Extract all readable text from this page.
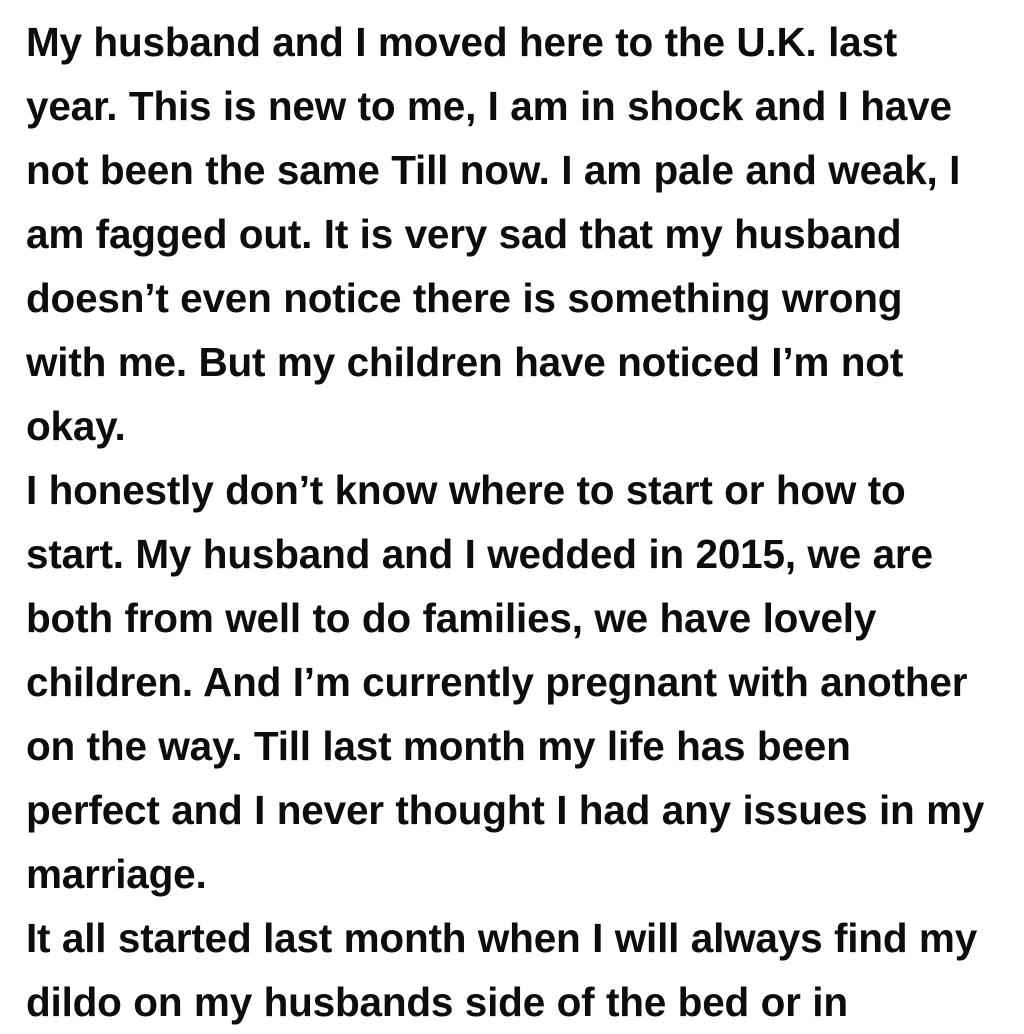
My husband and I moved here to the U.K. last year. This is new to me, I am in shock and I have not been the same Till now. I am pale and weak, I am fagged out. It is very sad that my husband doesn’t even notice there is something wrong with me. But my children have noticed I’m not okay.

I honestly don’t know where to start or how to start. My husband and I wedded in 2015, we are both from well to do families, we have lovely children. And I’m currently pregnant with another on the way. Till last month my life has been perfect and I never thought I had any issues in my marriage.

It all started last month when I will always find my dildo on my husbands side of the bed or in
